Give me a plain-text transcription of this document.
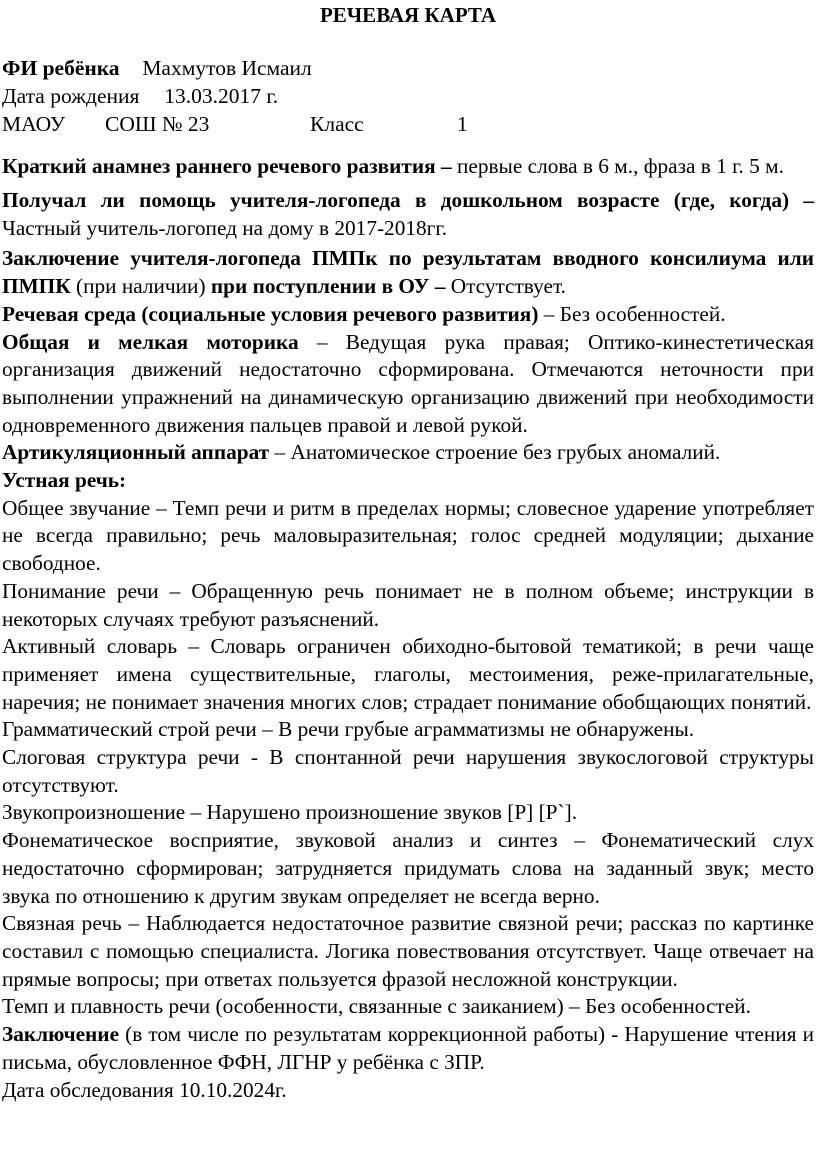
РЕЧЕВАЯ КАРТА
ФИ ребёнка Махмутов Исмаил
Дата рождения 13.03.2017 г.
МАОУ СОШ № 23	Класс	1

Краткий анамнез раннего речевого развития – первые слова в 6 м., фраза в 1 г. 5 м.

Получал ли помощь учителя-логопеда в дошкольном возрасте (где, когда) – Частный учитель-логопед на дому в 2017-2018гг.

Заключение учителя-логопеда ПМПк по результатам вводного консилиума или ПМПК (при наличии) при поступлении в ОУ – Отсутствует.

Речевая среда (социальные условия речевого развития) – Без особенностей.

Общая и мелкая моторика – Ведущая рука правая; Оптико-кинестетическая организация движений недостаточно сформирована. Отмечаются неточности при выполнении упражнений на динамическую организацию движений при необходимости одновременного движения пальцев правой и левой рукой.

Артикуляционный аппарат – Анатомическое строение без грубых аномалий.

Устная речь:

Общее звучание – Темп речи и ритм в пределах нормы; словесное ударение употребляет не всегда правильно; речь маловыразительная; голос средней модуляции; дыхание свободное.

Понимание речи – Обращенную речь понимает не в полном объеме; инструкции в некоторых случаях требуют разъяснений.

Активный словарь – Словарь ограничен обиходно-бытовой тематикой; в речи чаще применяет имена существительные, глаголы, местоимения, реже-прилагательные, наречия; не понимает значения многих слов; страдает понимание обобщающих понятий.

Грамматический строй речи – В речи грубые аграмматизмы не обнаружены.

Слоговая структура речи - В спонтанной речи нарушения звукослоговой структуры отсутствуют.

Звукопроизношение – Нарушено произношение звуков [Р] [Р`].

Фонематическое восприятие, звуковой анализ и синтез – Фонематический слух недостаточно сформирован; затрудняется придумать слова на заданный звук; место звука по отношению к другим звукам определяет не всегда верно.

Связная речь – Наблюдается недостаточное развитие связной речи; рассказ по картинке составил с помощью специалиста. Логика повествования отсутствует. Чаще отвечает на прямые вопросы; при ответах пользуется фразой несложной конструкции.

Темп и плавность речи (особенности, связанные с заиканием) – Без особенностей.

Заключение (в том числе по результатам коррекционной работы) - Нарушение чтения и письма, обусловленное ФФН, ЛГНР у ребёнка с ЗПР.

Дата обследования 10.10.2024г.
